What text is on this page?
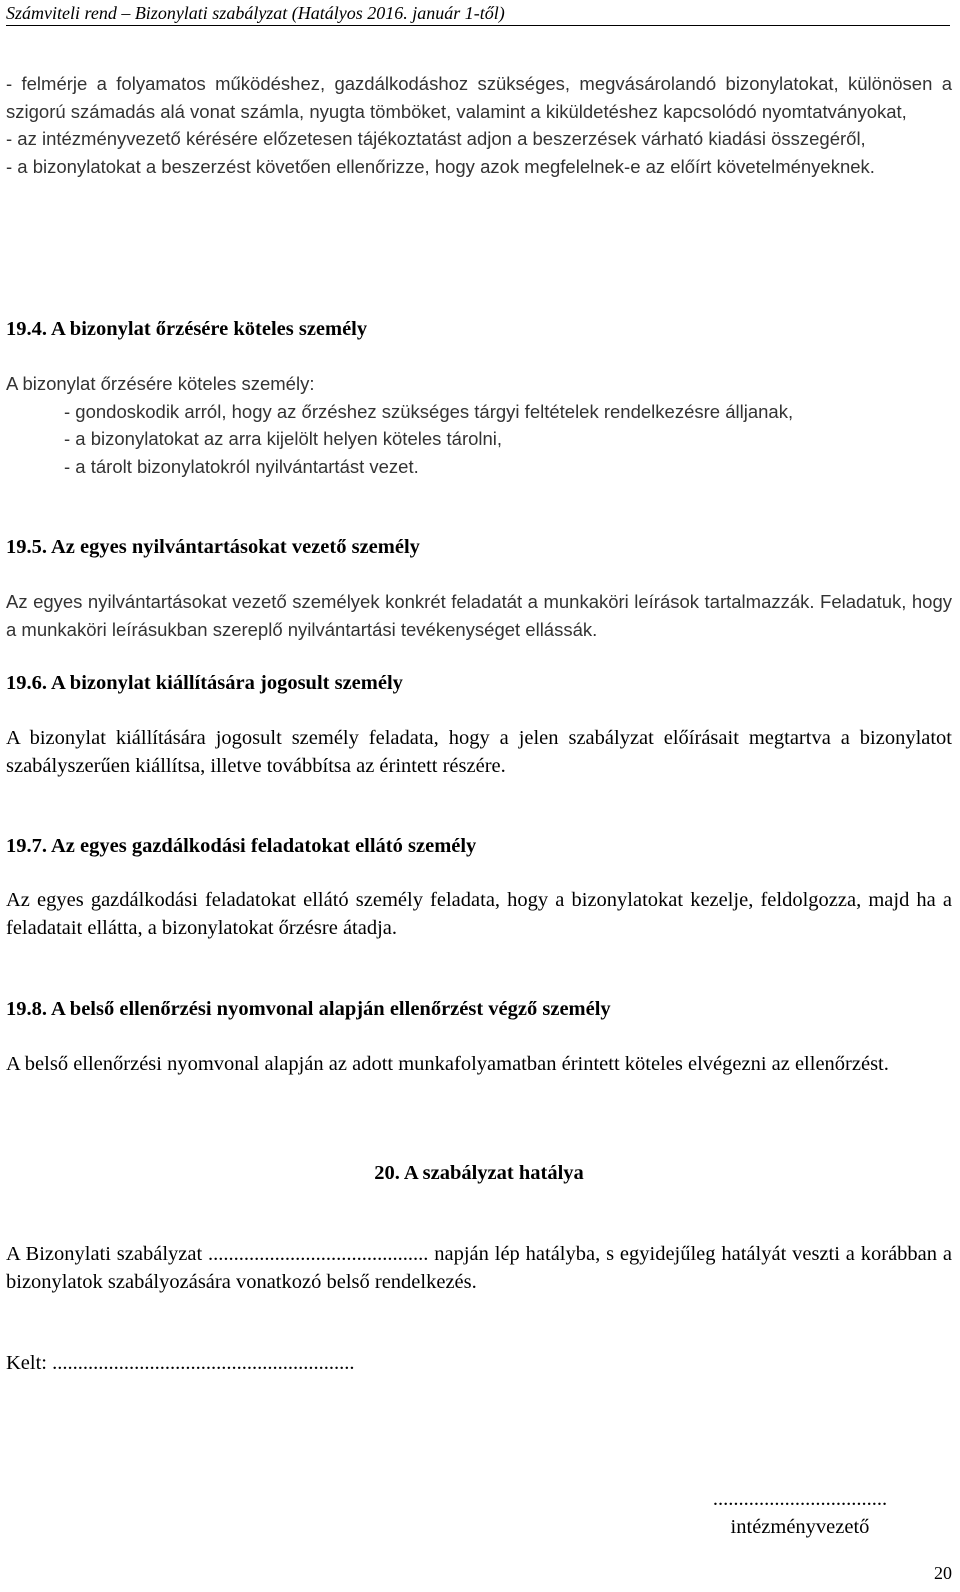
Számviteli rend – Bizonylati szabályzat (Hatályos 2016. január 1-től)

- felmérje a folyamatos működéshez, gazdálkodáshoz szükséges, megvásárolandó bizonylatokat, különösen a szigorú számadás alá vonat számla, nyugta tömböket, valamint a kiküldetéshez kapcsolódó nyomtatványokat,

- az intézményvezető kérésére előzetesen tájékoztatást adjon a beszerzések várható kiadási összegéről,

- a bizonylatokat a beszerzést követően ellenőrizze, hogy azok megfelelnek-e az előírt követelményeknek.

19.4. A bizonylat őrzésére köteles személy

A bizonylat őrzésére köteles személy:

- gondoskodik arról, hogy az őrzéshez szükséges tárgyi feltételek rendelkezésre álljanak,

- a bizonylatokat az arra kijelölt helyen köteles tárolni,

- a tárolt bizonylatokról nyilvántartást vezet.

19.5. Az egyes nyilvántartásokat vezető személy
Az egyes nyilvántartásokat vezető személyek konkrét feladatát a munkaköri leírások tartalmazzák. Feladatuk, hogy a munkaköri leírásukban szereplő nyilvántartási tevékenységet ellássák.
19.6. A bizonylat kiállítására jogosult személy
A bizonylat kiállítására jogosult személy feladata, hogy a jelen szabályzat előírásait megtartva a bizonylatot szabályszerűen kiállítsa, illetve továbbítsa az érintett részére.
19.7. Az egyes gazdálkodási feladatokat ellátó személy
Az egyes gazdálkodási feladatokat ellátó személy feladata, hogy a bizonylatokat kezelje, feldolgozza, majd ha a feladatait ellátta, a bizonylatokat őrzésre átadja.
19.8. A belső ellenőrzési nyomvonal alapján ellenőrzést végző személy
A belső ellenőrzési nyomvonal alapján az adott munkafolyamatban érintett köteles elvégezni az ellenőrzést.
20. A szabályzat hatálya
A Bizonylati szabályzat ........................................... napján lép hatályba, s egyidejűleg hatályát veszti a korábban a bizonylatok szabályozására vonatkozó belső rendelkezés.
Kelt: ...........................................................
..................................
intézményvezető
20
